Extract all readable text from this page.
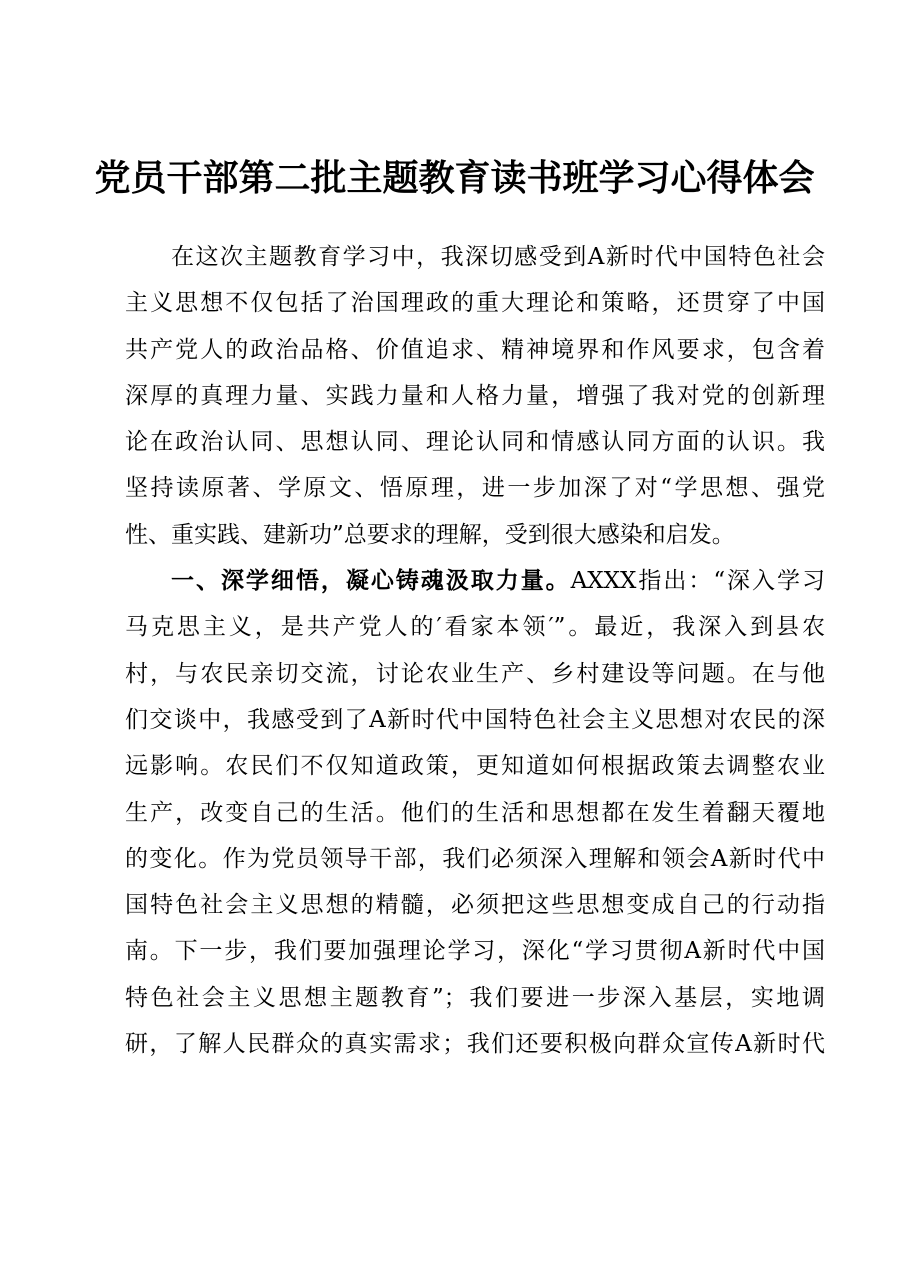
党员干部第二批主题教育读书班学习心得体会
在这次主题教育学习中，我深切感受到A新时代中国特色社会
主义思想不仅包括了治国理政的重大理论和策略，还贯穿了中国
共产党人的政治品格、价值追求、精神境界和作风要求，包含着
深厚的真理力量、实践力量和人格力量，增强了我对党的创新理
论在政治认同、思想认同、理论认同和情感认同方面的认识。我
坚持读原著、学原文、悟原理，进一步加深了对“学思想、强党
性、重实践、建新功”总要求的理解，受到很大感染和启发。
一、深学细悟，凝心铸魂汲取力量。AXXX指出：“深入学习
马克思主义，是共产党人的′看家本领′”。最近，我深入到县农
村，与农民亲切交流，讨论农业生产、乡村建设等问题。在与他
们交谈中，我感受到了A新时代中国特色社会主义思想对农民的深
远影响。农民们不仅知道政策，更知道如何根据政策去调整农业
生产，改变自己的生活。他们的生活和思想都在发生着翻天覆地
的变化。作为党员领导干部，我们必须深入理解和领会A新时代中
国特色社会主义思想的精髓，必须把这些思想变成自己的行动指
南。下一步，我们要加强理论学习，深化“学习贯彻A新时代中国
特色社会主义思想主题教育”；我们要进一步深入基层，实地调
研，了解人民群众的真实需求；我们还要积极向群众宣传A新时代
